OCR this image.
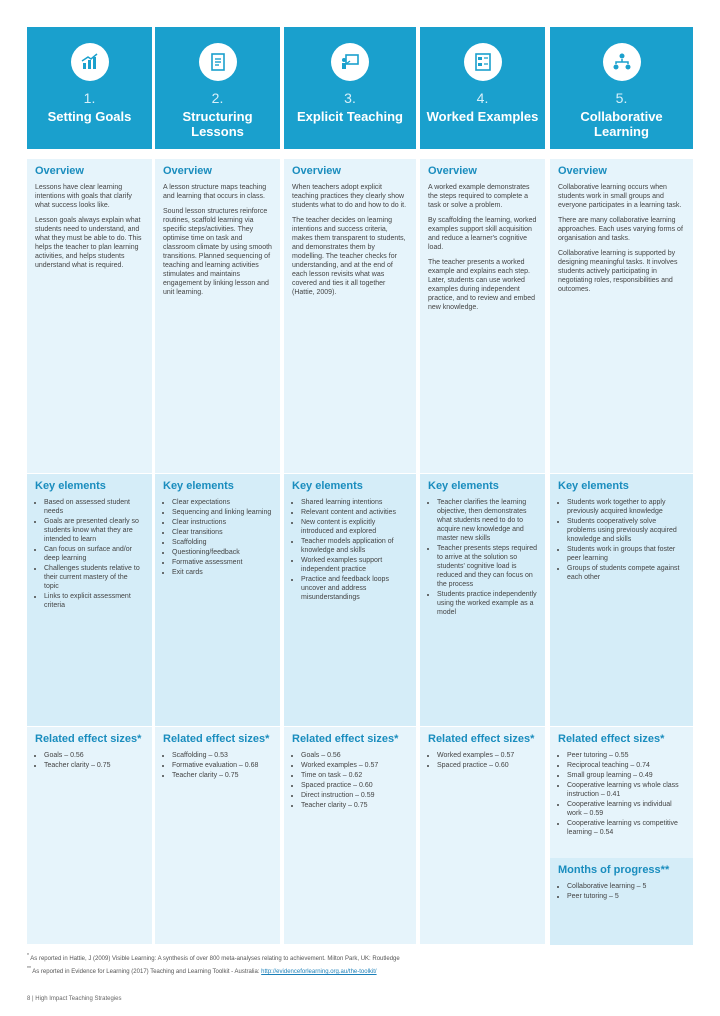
1.
Setting Goals
Overview

Lessons have clear learning intentions with goals that clarify what success looks like.

Lesson goals always explain what students need to understand, and what they must be able to do. This helps the teacher to plan learning activities, and helps students understand what is required.

Key elements
• Based on assessed student needs
• Goals are presented clearly so students know what they are intended to learn
• Can focus on surface and/or deep learning
• Challenges students relative to their current mastery of the topic
• Links to explicit assessment criteria
Related effect sizes*
• Goals – 0.56
• Teacher clarity – 0.75
2.
Structuring Lessons
Overview

A lesson structure maps teaching and learning that occurs in class.

Sound lesson structures reinforce routines, scaffold learning via specific steps/activities. They optimise time on task and classroom climate by using smooth transitions. Planned sequencing of teaching and learning activities stimulates and maintains engagement by linking lesson and unit learning.

Key elements
• Clear expectations
• Sequencing and linking learning
• Clear instructions
• Clear transitions
• Scaffolding
• Questioning/feedback
• Formative assessment
• Exit cards
Related effect sizes*
• Scaffolding – 0.53
• Formative evaluation – 0.68
• Teacher clarity – 0.75
3.
Explicit Teaching
Overview

When teachers adopt explicit teaching practices they clearly show students what to do and how to do it.

The teacher decides on learning intentions and success criteria, makes them transparent to students, and demonstrates them by modelling. The teacher checks for understanding, and at the end of each lesson revisits what was covered and ties it all together (Hattie, 2009).

Key elements
• Shared learning intentions
• Relevant content and activities
• New content is explicitly introduced and explored
• Teacher models application of knowledge and skills
• Worked examples support independent practice
• Practice and feedback loops uncover and address misunderstandings
Related effect sizes*
• Goals – 0.56
• Worked examples – 0.57
• Time on task – 0.62
• Spaced practice – 0.60
• Direct instruction – 0.59
• Teacher clarity – 0.75
4.
Worked Examples
Overview

A worked example demonstrates the steps required to complete a task or solve a problem.

By scaffolding the learning, worked examples support skill acquisition and reduce a learner's cognitive load.

The teacher presents a worked example and explains each step. Later, students can use worked examples during independent practice, and to review and embed new knowledge.

Key elements
• Teacher clarifies the learning objective, then demonstrates what students need to do to acquire new knowledge and master new skills
• Teacher presents steps required to arrive at the solution so students' cognitive load is reduced and they can focus on the process
• Students practice independently using the worked example as a model
Related effect sizes*
• Worked examples – 0.57
• Spaced practice – 0.60
5.
Collaborative Learning
Overview

Collaborative learning occurs when students work in small groups and everyone participates in a learning task.

There are many collaborative learning approaches. Each uses varying forms of organisation and tasks.

Collaborative learning is supported by designing meaningful tasks. It involves students actively participating in negotiating roles, responsibilities and outcomes.

Key elements
• Students work together to apply previously acquired knowledge
• Students cooperatively solve problems using previously acquired knowledge and skills
• Students work in groups that foster peer learning
• Groups of students compete against each other
Related effect sizes*
• Peer tutoring – 0.55
• Reciprocal teaching – 0.74
• Small group learning – 0.49
• Cooperative learning vs whole class instruction – 0.41
• Cooperative learning vs individual work – 0.59
• Cooperative learning vs competitive learning – 0.54
Months of progress**
• Collaborative learning – 5
• Peer tutoring – 5
* As reported in Hattie, J (2009) Visible Learning: A synthesis of over 800 meta-analyses relating to achievement. Milton Park, UK: Routledge
** As reported in Evidence for Learning (2017) Teaching and Learning Toolkit - Australia: http://evidenceforlearning.org.au/the-toolkit/
8 | High Impact Teaching Strategies
